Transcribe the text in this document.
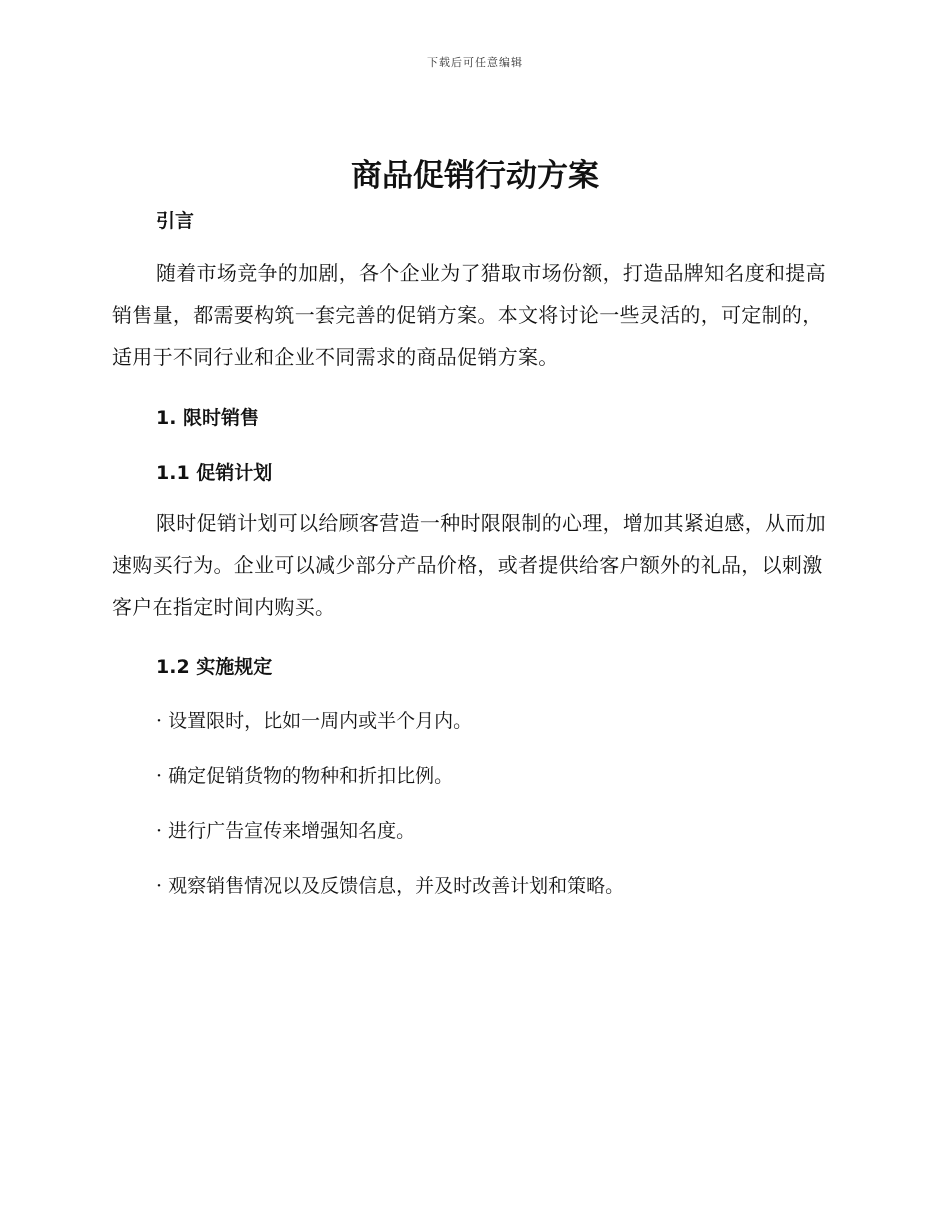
下载后可任意编辑
商品促销行动方案
引言

随着市场竞争的加剧，各个企业为了猎取市场份额，打造品牌知名度和提高销售量，都需要构筑一套完善的促销方案。本文将讨论一些灵活的，可定制的，适用于不同行业和企业不同需求的商品促销方案。

1. 限时销售
1.1 促销计划

限时促销计划可以给顾客营造一种时限限制的心理，增加其紧迫感，从而加速购买行为。企业可以减少部分产品价格，或者提供给客户额外的礼品，以刺激客户在指定时间内购买。

1.2 实施规定

· 设置限时，比如一周内或半个月内。

· 确定促销货物的物种和折扣比例。

· 进行广告宣传来增强知名度。

· 观察销售情况以及反馈信息，并及时改善计划和策略。
